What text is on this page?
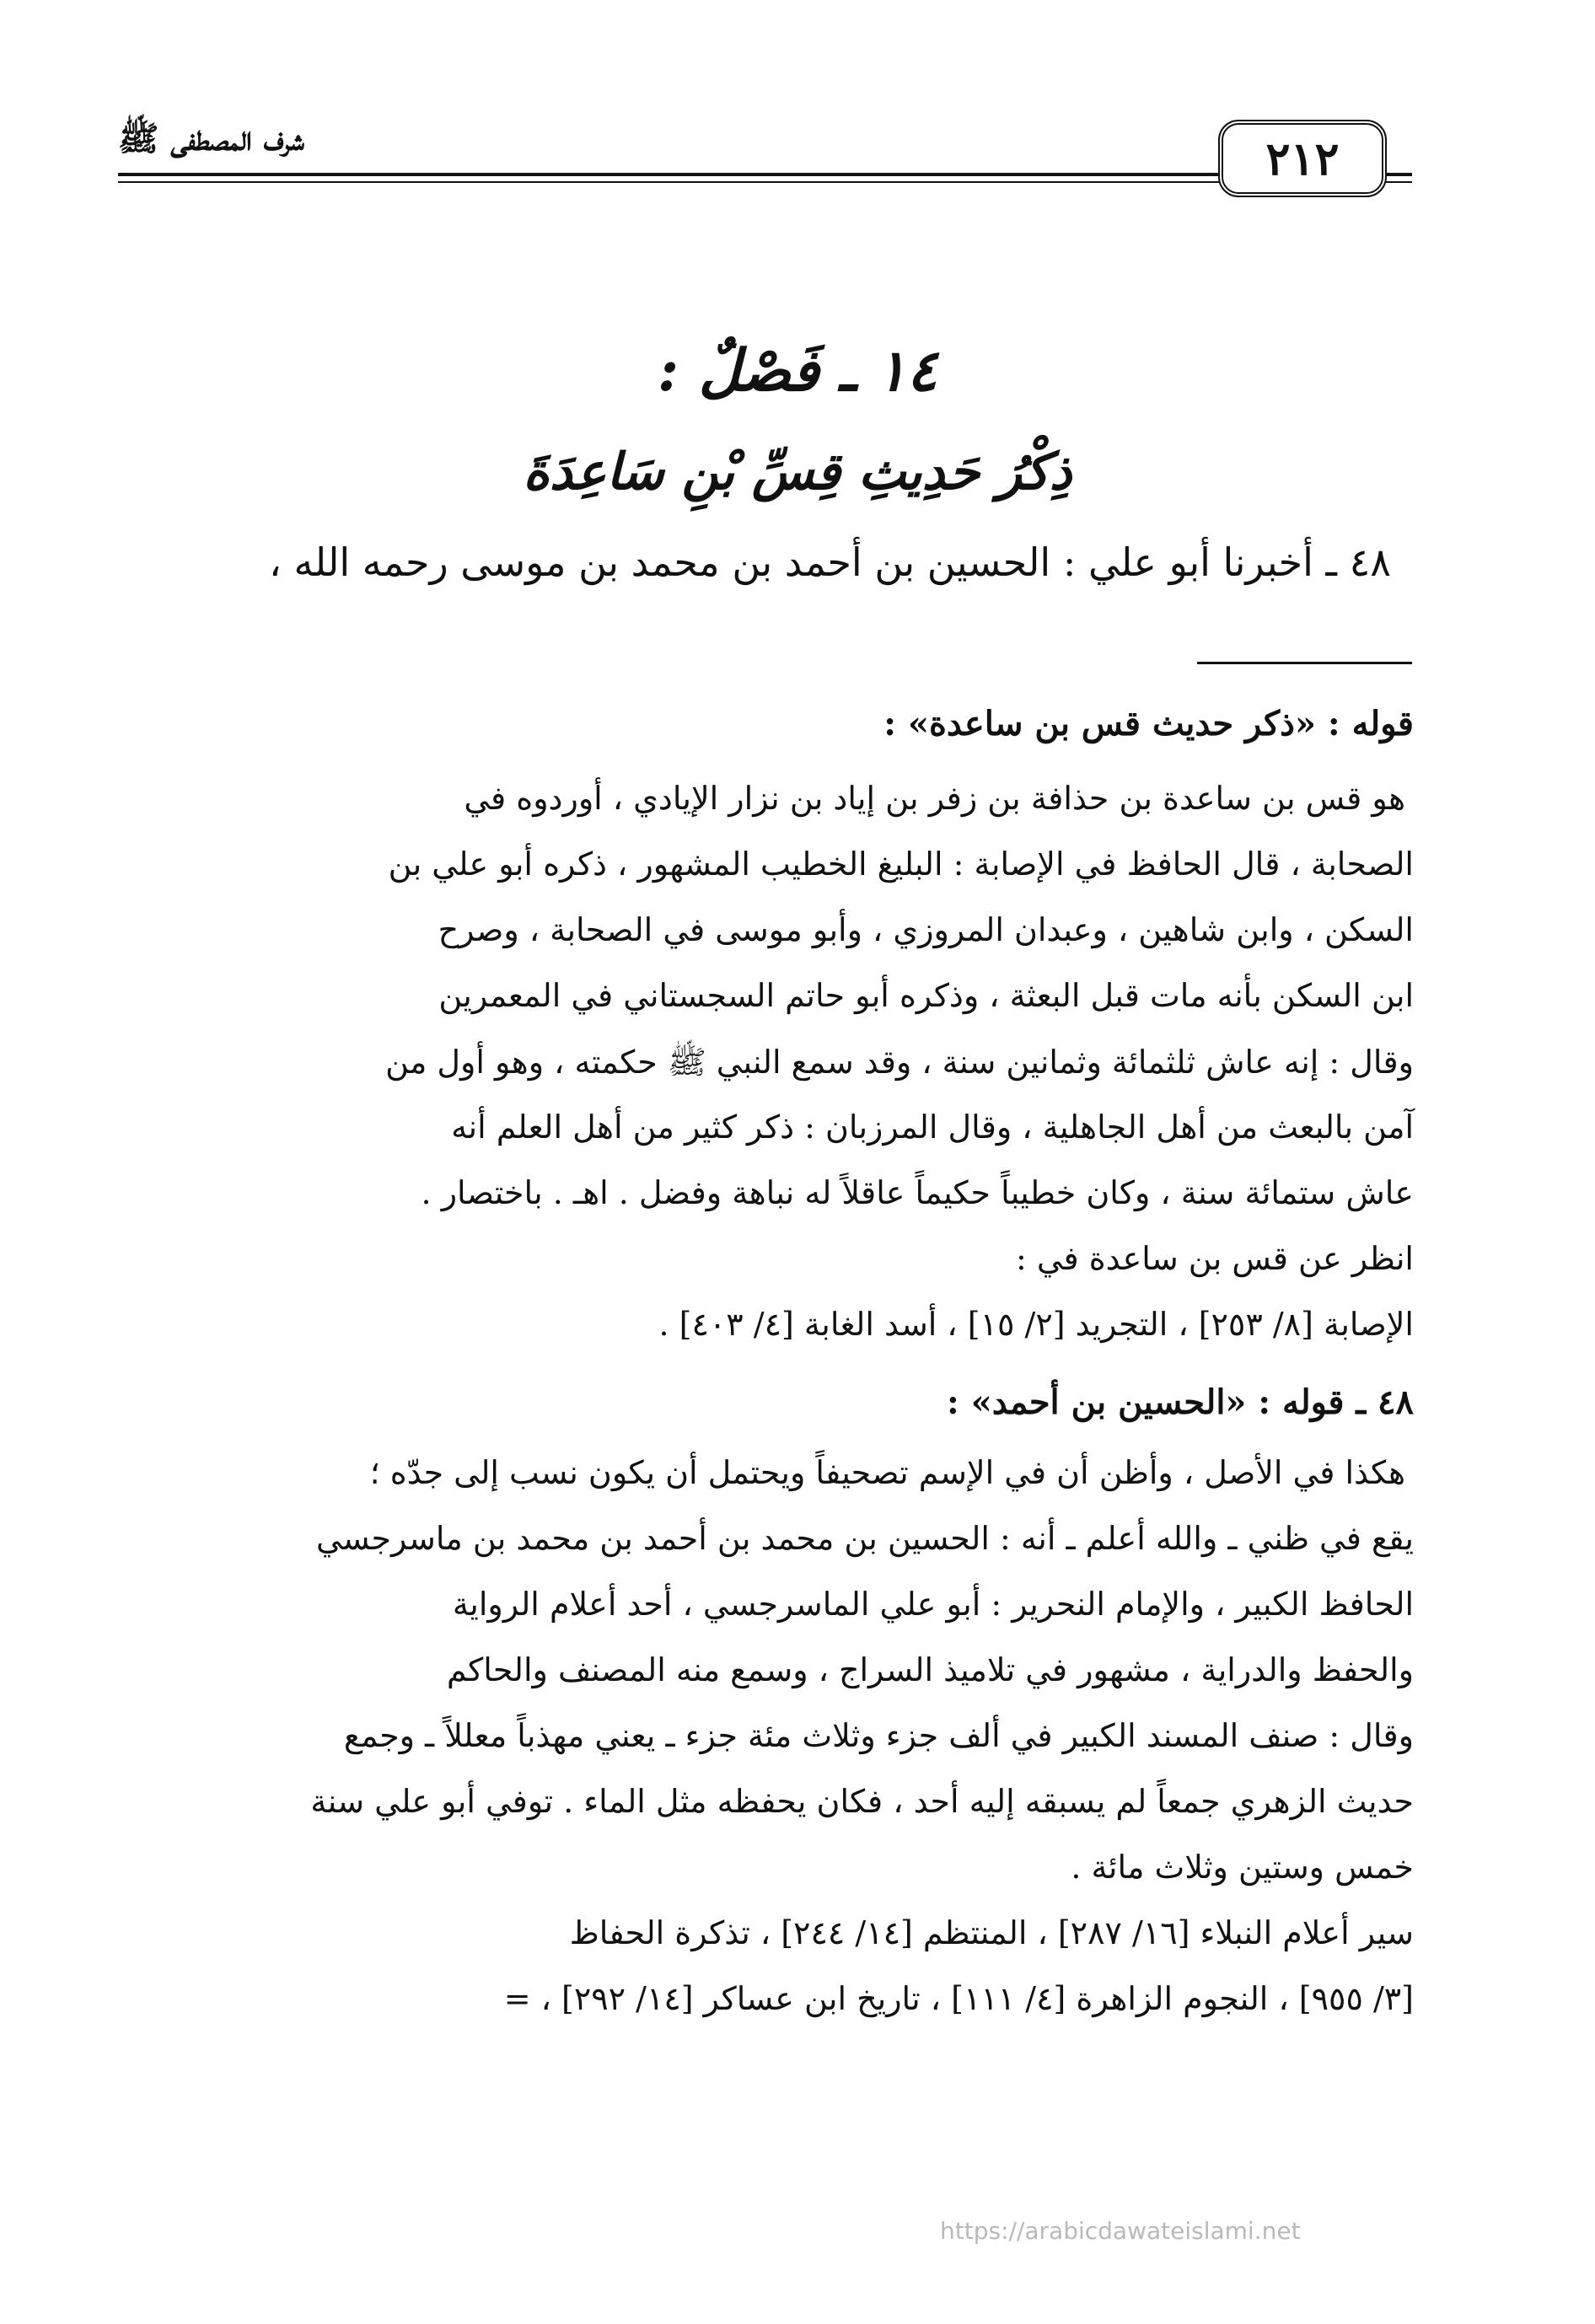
شرف المصطفى ﷺ	٢١٢
١٤ ـ فَصْلٌ :
ذِكْرُ حَدِيثِ قِسِّ بْنِ سَاعِدَةَ
٤٨ ـ أخبرنا أبو علي : الحسين بن أحمد بن محمد بن موسى رحمه الله ،
قوله : «ذكر حديث قس بن ساعدة» :
هو قس بن ساعدة بن حذافة بن زفر بن إياد بن نزار الإيادي ، أوردوه في
الصحابة ، قال الحافظ في الإصابة : البليغ الخطيب المشهور ، ذكره أبو علي بن
السكن ، وابن شاهين ، وعبدان المروزي ، وأبو موسى في الصحابة ، وصرح
ابن السكن بأنه مات قبل البعثة ، وذكره أبو حاتم السجستاني في المعمرين
وقال : إنه عاش ثلثمائة وثمانين سنة ، وقد سمع النبي ﷺ حكمته ، وهو أول من
آمن بالبعث من أهل الجاهلية ، وقال المرزبان : ذكر كثير من أهل العلم أنه
عاش ستمائة سنة ، وكان خطيباً حكيماً عاقلاً له نباهة وفضل . اهـ . باختصار .
انظر عن قس بن ساعدة في :
الإصابة [٨/ ٢٥٣] ، التجريد [٢/ ١٥] ، أسد الغابة [٤/ ٤٠٣] .
٤٨ ـ قوله : «الحسين بن أحمد» :
هكذا في الأصل ، وأظن أن في الإسم تصحيفاً ويحتمل أن يكون نسب إلى جدّه ؛
يقع في ظني ـ والله أعلم ـ أنه : الحسين بن محمد بن أحمد بن محمد بن ماسرجسي
الحافظ الكبير ، والإمام النحرير : أبو علي الماسرجسي ، أحد أعلام الرواية
والحفظ والدراية ، مشهور في تلاميذ السراج ، وسمع منه المصنف والحاكم
وقال : صنف المسند الكبير في ألف جزء وثلاث مئة جزء ـ يعني مهذباً معللاً ـ وجمع
حديث الزهري جمعاً لم يسبقه إليه أحد ، فكان يحفظه مثل الماء . توفي أبو علي سنة
خمس وستين وثلاث مائة .
سير أعلام النبلاء [١٦/ ٢٨٧] ، المنتظم [١٤/ ٢٤٤] ، تذكرة الحفاظ
[٣/ ٩٥٥] ، النجوم الزاهرة [٤/ ١١١] ، تاريخ ابن عساكر [١٤/ ٢٩٢] ، =
https://arabicdawateislami.net
